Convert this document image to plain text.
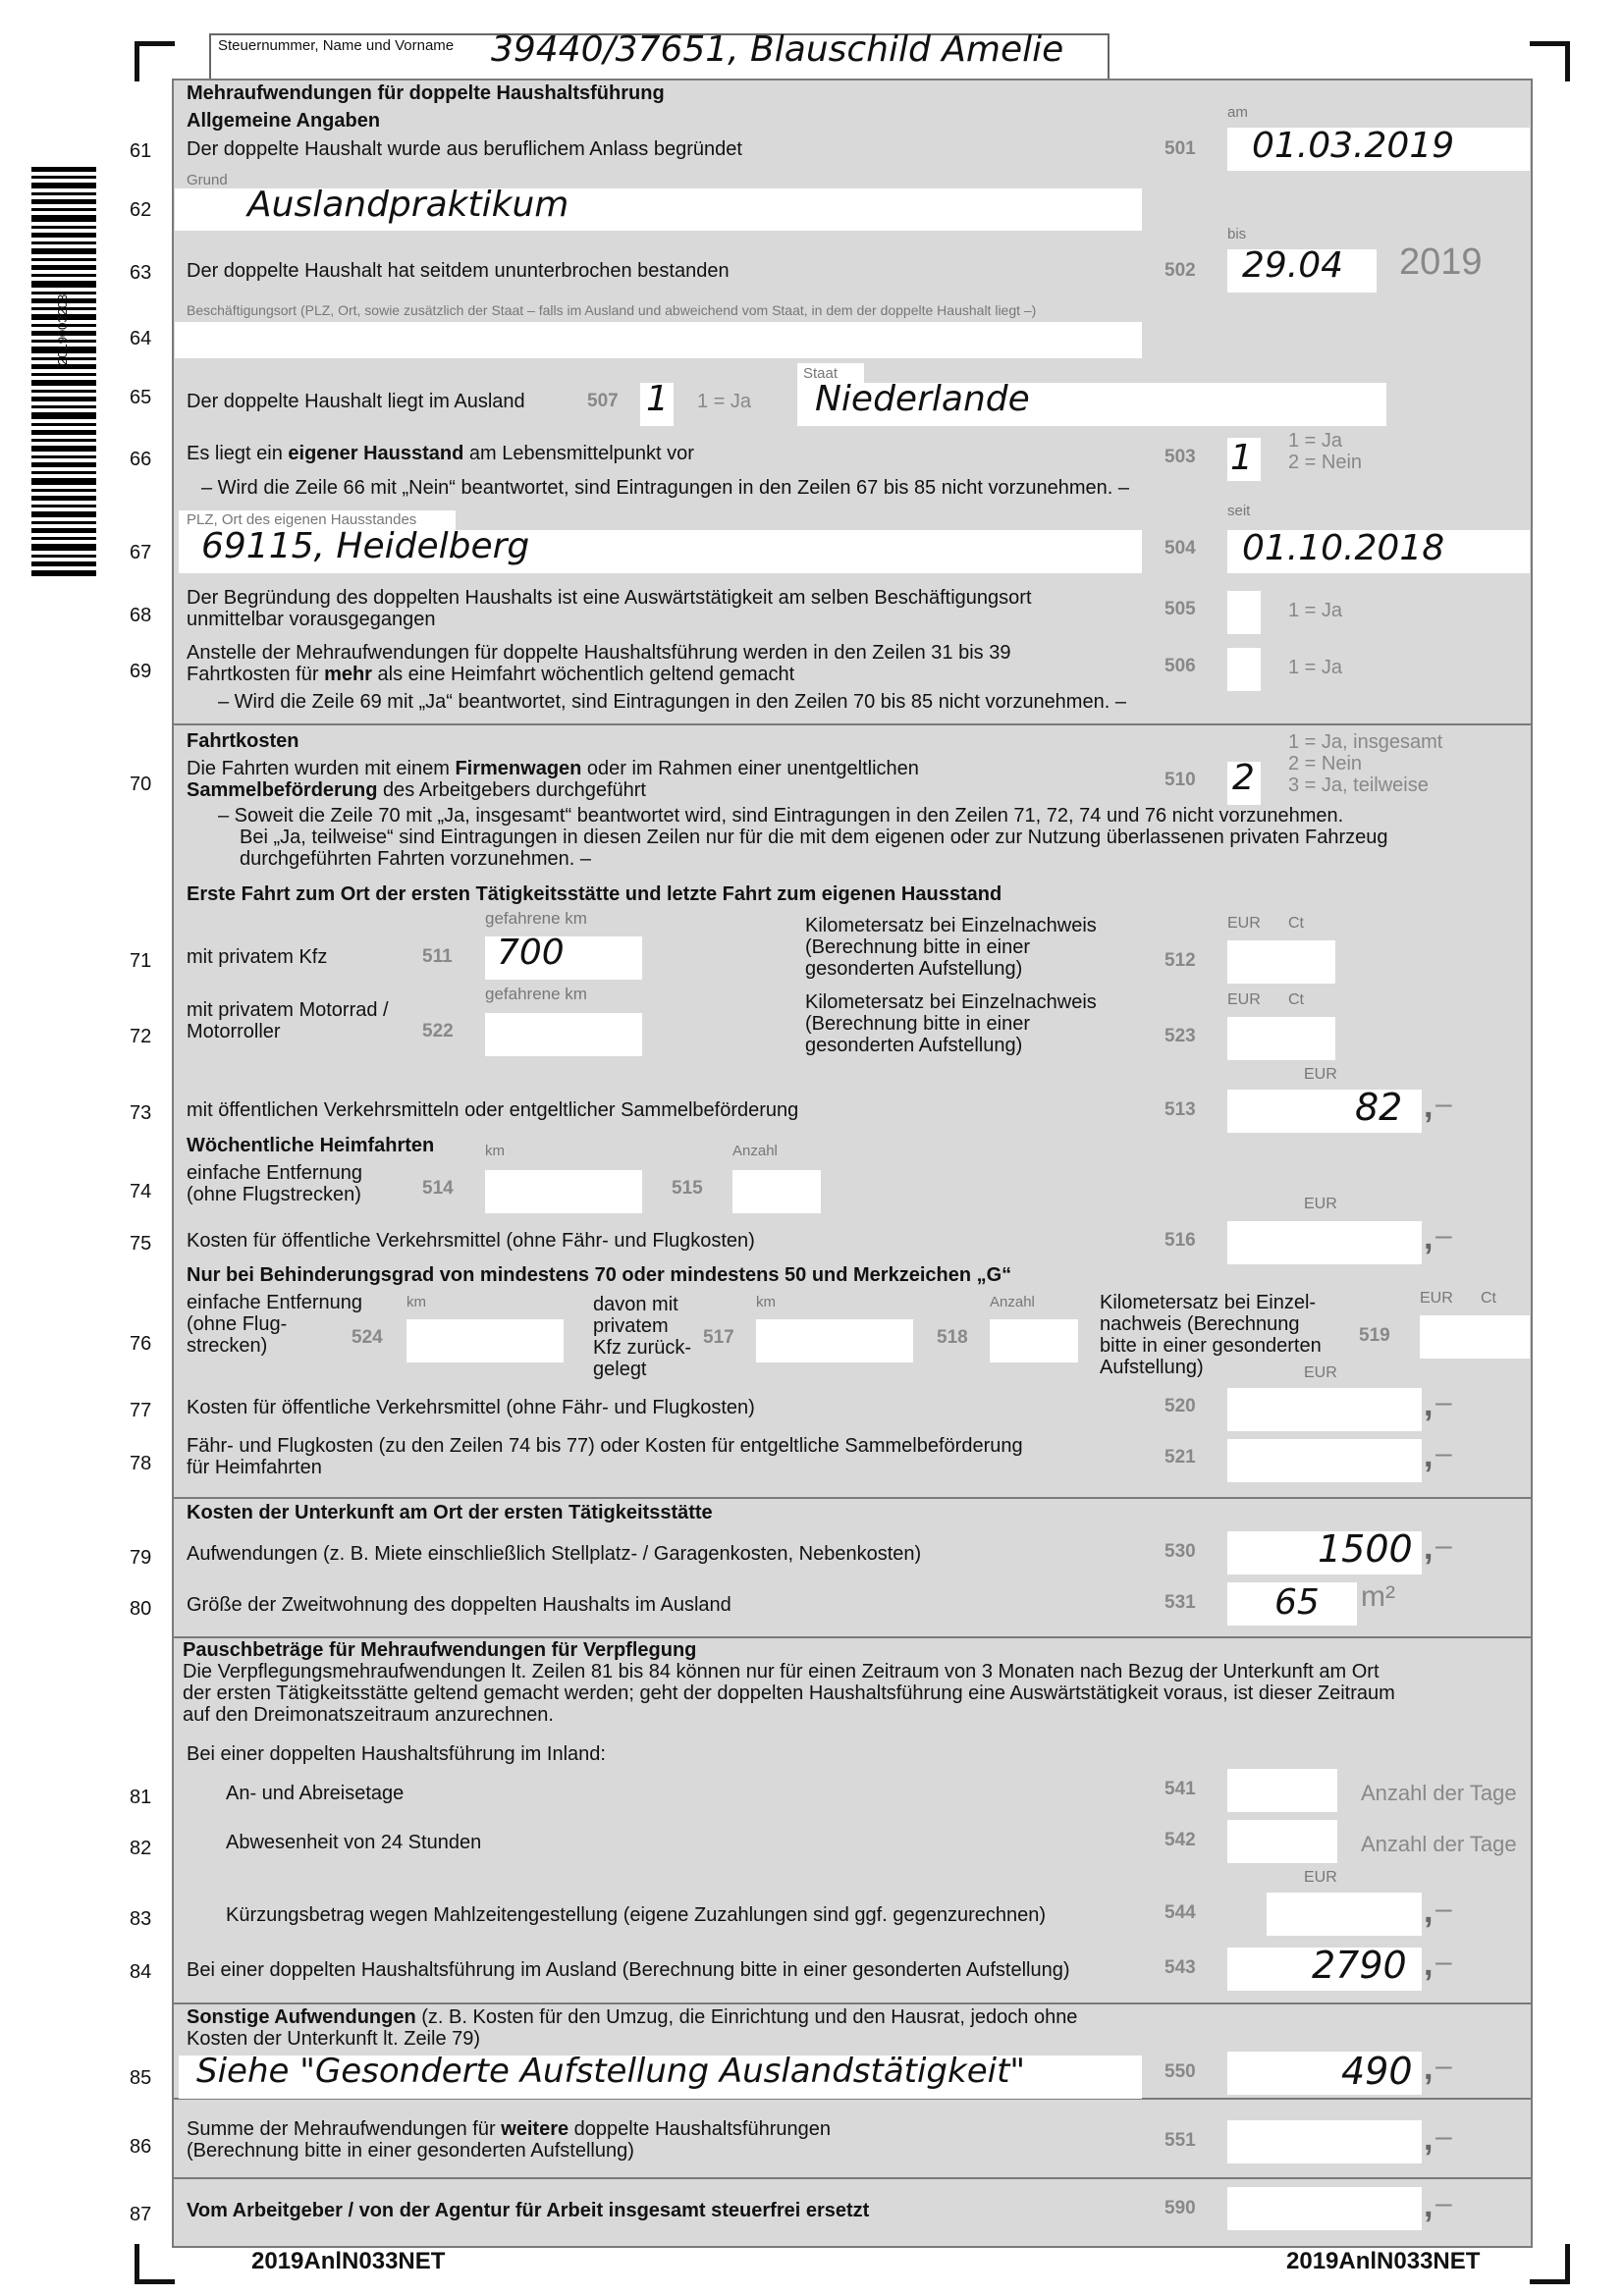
2019003203
Steuernummer, Name und Vorname 39440/37651, Blauschild Amelie
Mehraufwendungen für doppelte Haushaltsführung
Allgemeine Angaben
61	Der doppelte Haushalt wurde aus beruflichem Anlass begründet	501
am
01.03.2019
Grund
62	Auslandpraktikum
bis
63	Der doppelte Haushalt hat seitdem ununterbrochen bestanden	502 29.04 2019
Beschäftigungsort (PLZ, Ort, sowie zusätzlich der Staat – falls im Ausland und abweichend vom Staat, in dem der doppelte Haushalt liegt –)
64
65	Der doppelte Haushalt liegt im Ausland	507 1 1 = Ja
Staat
Niederlande
66	Es liegt ein eigener Hausstand am Lebensmittelpunkt vor	503 1 1 = Ja
2 = Nein
– Wird die Zeile 66 mit „Nein“ beantwortet, sind Eintragungen in den Zeilen 67 bis 85 nicht vorzunehmen. –
PLZ, Ort des eigenen Hausstandes
67 69115, Heidelberg	504
seit
01.10.2018
68
Der Begründung des doppelten Haushalts ist eine Auswärtstätigkeit am selben Beschäftigungsort
unmittelbar vorausgegangen	505	1 = Ja
69
Anstelle der Mehraufwendungen für doppelte Haushaltsführung werden in den Zeilen 31 bis 39
Fahrtkosten für mehr als eine Heimfahrt wöchentlich geltend gemacht	506	1 = Ja
– Wird die Zeile 69 mit „Ja“ beantwortet, sind Eintragungen in den Zeilen 70 bis 85 nicht vorzunehmen. –
Fahrtkosten	1 = Ja, insgesamt
2 = Nein
3 = Ja, teilweise
70
Die Fahrten wurden mit einem Firmenwagen oder im Rahmen einer unentgeltlichen
Sammelbeförderung des Arbeitgebers durchgeführt	510 2
– Soweit die Zeile 70 mit „Ja, insgesamt“ beantwortet wird, sind Eintragungen in den Zeilen 71, 72, 74 und 76 nicht vorzunehmen.
Bei „Ja, teilweise“ sind Eintragungen in diesen Zeilen nur für die mit dem eigenen oder zur Nutzung überlassenen privaten Fahrzeug
durchgeführten Fahrten vorzunehmen. –
Erste Fahrt zum Ort der ersten Tätigkeitsstätte und letzte Fahrt zum eigenen Hausstand
gefahrene km
71	mit privatem Kfz	511 700
Kilometersatz bei Einzelnachweis
(Berechnung bitte in einer
gesonderten Aufstellung)	512
EUR Ct
gefahrene km
72
mit privatem Motorrad /
Motorroller	522
Kilometersatz bei Einzelnachweis
(Berechnung bitte in einer
gesonderten Aufstellung)	523
EUR Ct
EUR
73	mit öffentlichen Verkehrsmitteln oder entgeltlicher Sammelbeförderung	513	82 , –
Wöchentliche Heimfahrten	km	Anzahl
74
einfache Entfernung
(ohne Flugstrecken)	514	515
EUR
75	Kosten für öffentliche Verkehrsmittel (ohne Fähr- und Flugkosten)	516	, –
Nur bei Behinderungsgrad von mindestens 70 oder mindestens 50 und Merkzeichen „G“
km	km	Anzahl
76
einfache Entfernung
(ohne Flug-
strecken)	524
davon mit
privatem
Kfz zurück-
gelegt
517	518
Kilometersatz bei Einzel-
nachweis (Berechnung
bitte in einer gesonderten
Aufstellung)
519
EUR Ct
EUR
77	Kosten für öffentliche Verkehrsmittel (ohne Fähr- und Flugkosten)	520	, –
78
Fähr- und Flugkosten (zu den Zeilen 74 bis 77) oder Kosten für entgeltliche Sammelbeförderung
für Heimfahrten	521	, –
Kosten der Unterkunft am Ort der ersten Tätigkeitsstätte
79	Aufwendungen (z. B. Miete einschließlich Stellplatz- / Garagenkosten, Nebenkosten)	530	1500 , –
80	Größe der Zweitwohnung des doppelten Haushalts im Ausland	531 65 m²
Pauschbeträge für Mehraufwendungen für Verpflegung
Die Verpflegungsmehraufwendungen lt. Zeilen 81 bis 84 können nur für einen Zeitraum von 3 Monaten nach Bezug der Unterkunft am Ort
der ersten Tätigkeitsstätte geltend gemacht werden; geht der doppelten Haushaltsführung eine Auswärtstätigkeit voraus, ist dieser Zeitraum
auf den Dreimonatszeitraum anzurechnen.
Bei einer doppelten Haushaltsführung im Inland:
81	An- und Abreisetage	541	Anzahl der Tage
82	Abwesenheit von 24 Stunden	542	Anzahl der Tage
EUR
83	Kürzungsbetrag wegen Mahlzeitengestellung (eigene Zuzahlungen sind ggf. gegenzurechnen)	544	, –
84	Bei einer doppelten Haushaltsführung im Ausland (Berechnung bitte in einer gesonderten Aufstellung)	543	2790 , –
Sonstige Aufwendungen (z. B. Kosten für den Umzug, die Einrichtung und den Hausrat, jedoch ohne
Kosten der Unterkunft lt. Zeile 79)
85 Siehe "Gesonderte Aufstellung Auslandstätigkeit"	550	490 , –
86
Summe der Mehraufwendungen für weitere doppelte Haushaltsführungen
(Berechnung bitte in einer gesonderten Aufstellung)	551	, –
87	Vom Arbeitgeber / von der Agentur für Arbeit insgesamt steuerfrei ersetzt	590	, –
2019AnlN033NET	2019AnlN033NET
